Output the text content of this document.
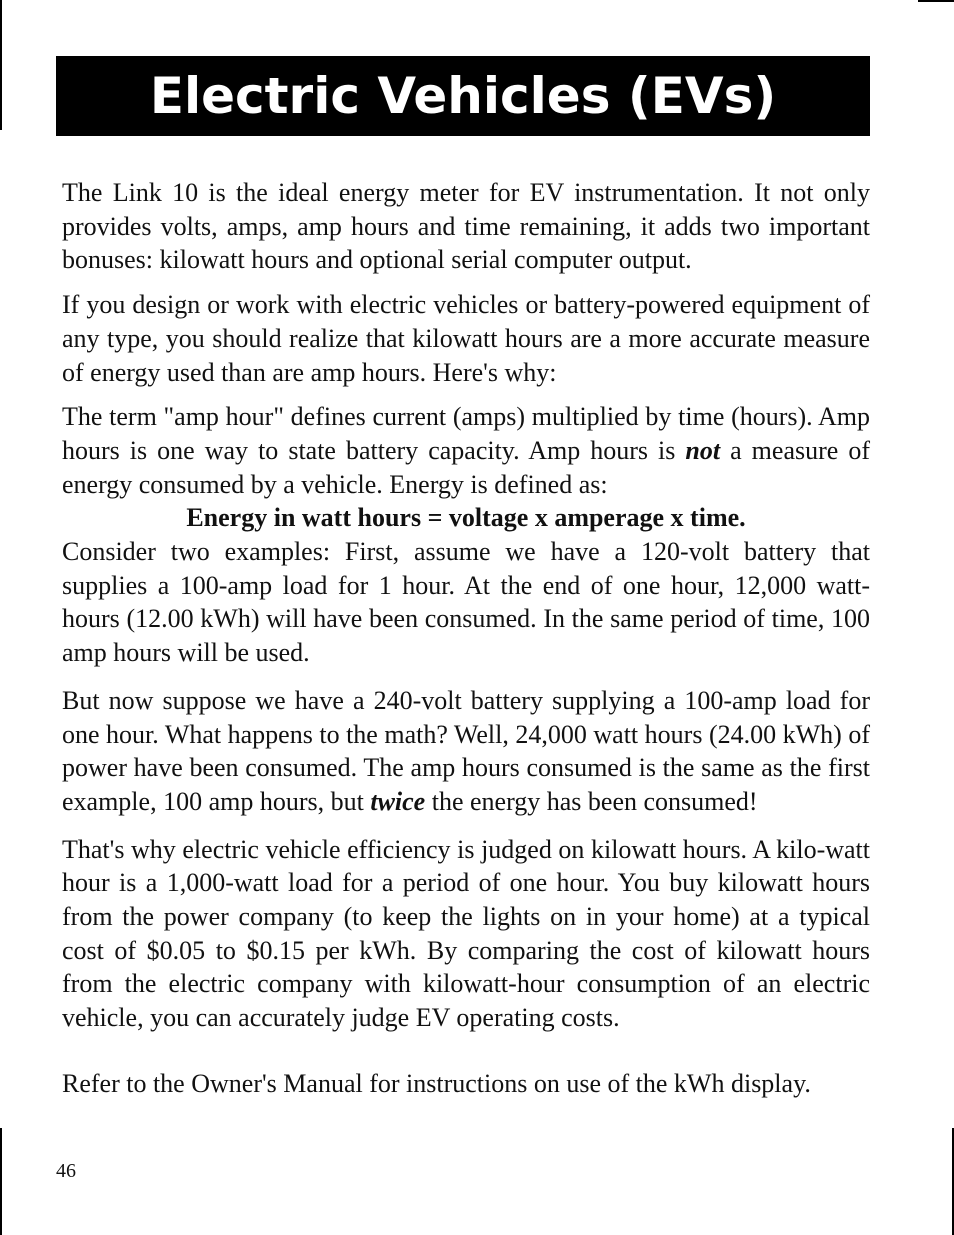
Electric Vehicles (EVs)

The Link 10 is the ideal energy meter for EV instrumentation. It not only provides volts, amps, amp hours and time remaining, it adds two important bonuses: kilowatt hours and optional serial computer output.

If you design or work with electric vehicles or battery-powered equipment of any type, you should realize that kilowatt hours are a more accurate measure of energy used than are amp hours. Here's why:

The term "amp hour" defines current (amps) multiplied by time (hours). Amp hours is one way to state battery capacity. Amp hours is not a measure of energy consumed by a vehicle. Energy is defined as:

Energy in watt hours = voltage x amperage x time.

Consider two examples: First, assume we have a 120-volt battery that supplies a 100-amp load for 1 hour. At the end of one hour, 12,000 watt-hours (12.00 kWh) will have been consumed. In the same period of time, 100 amp hours will be used.

But now suppose we have a 240-volt battery supplying a 100-amp load for one hour. What happens to the math? Well, 24,000 watt hours (24.00 kWh) of power have been consumed. The amp hours consumed is the same as the first example, 100 amp hours, but twice the energy has been consumed!

That's why electric vehicle efficiency is judged on kilowatt hours. A kilo-watt hour is a 1,000-watt load for a period of one hour. You buy kilowatt hours from the power company (to keep the lights on in your home) at a typical cost of $0.05 to $0.15 per kWh. By comparing the cost of kilowatt hours from the electric company with kilowatt-hour consumption of an electric vehicle, you can accurately judge EV operating costs.

Refer to the Owner's Manual for instructions on use of the kWh display.

46
